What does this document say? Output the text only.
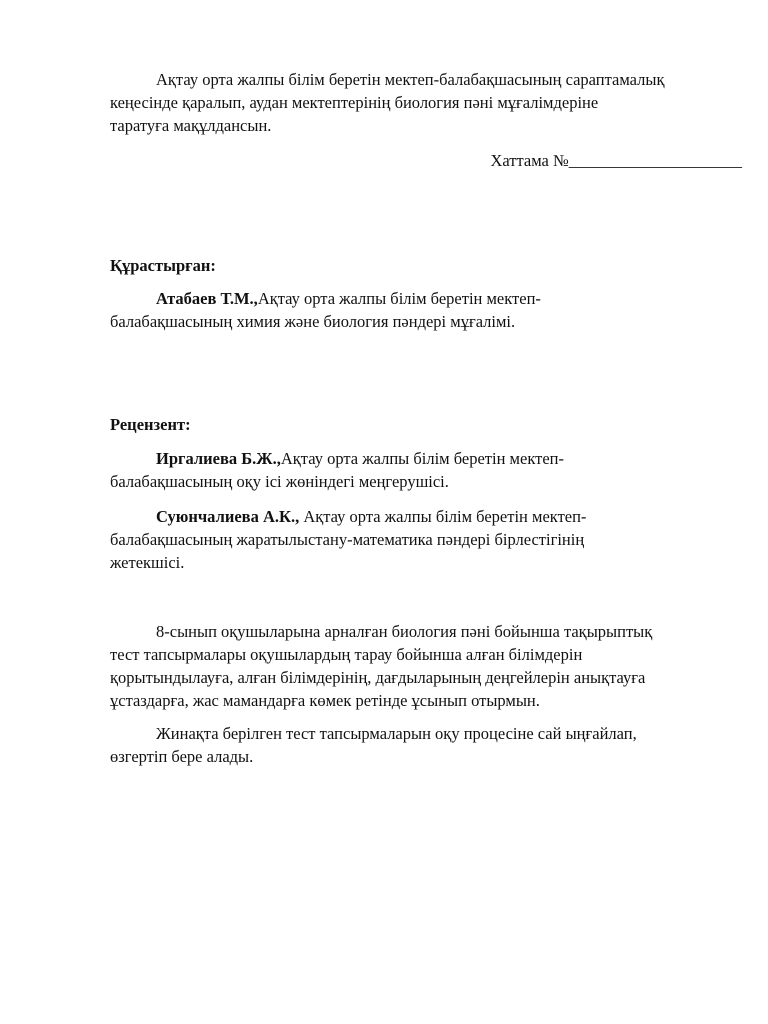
Ақтау орта жалпы білім беретін мектеп-балабақшасының сараптамалық
кеңесінде қаралып, аудан мектептерінің биология пәні мұғалімдеріне
таратуға мақұлдансын.

Хаттама №_____________________
Құрастырған:

Атабаев Т.М.,Ақтау орта жалпы білім беретін мектеп-
балабақшасының химия және биология пәндері мұғалімі.

Рецензент:

Иргалиева Б.Ж.,Ақтау орта жалпы білім беретін мектеп-
балабақшасының оқу ісі жөніндегі меңгерушісі.

Суюнчалиева А.К., Ақтау орта жалпы білім беретін мектеп-
балабақшасының жаратылыстану-математика пәндері бірлестігінің
жетекшісі.

8-сынып оқушыларына арналған биология пәні бойынша тақырыптық
тест тапсырмалары оқушылардың тарау бойынша алған білімдерін
қорытындылауға, алған білімдерінің, дағдыларының деңгейлерін анықтауға
ұстаздарға, жас мамандарға көмек ретінде ұсынып отырмын.

Жинақта берілген тест тапсырмаларын оқу процесіне сай ыңғайлап,
өзгертіп бере алады.
